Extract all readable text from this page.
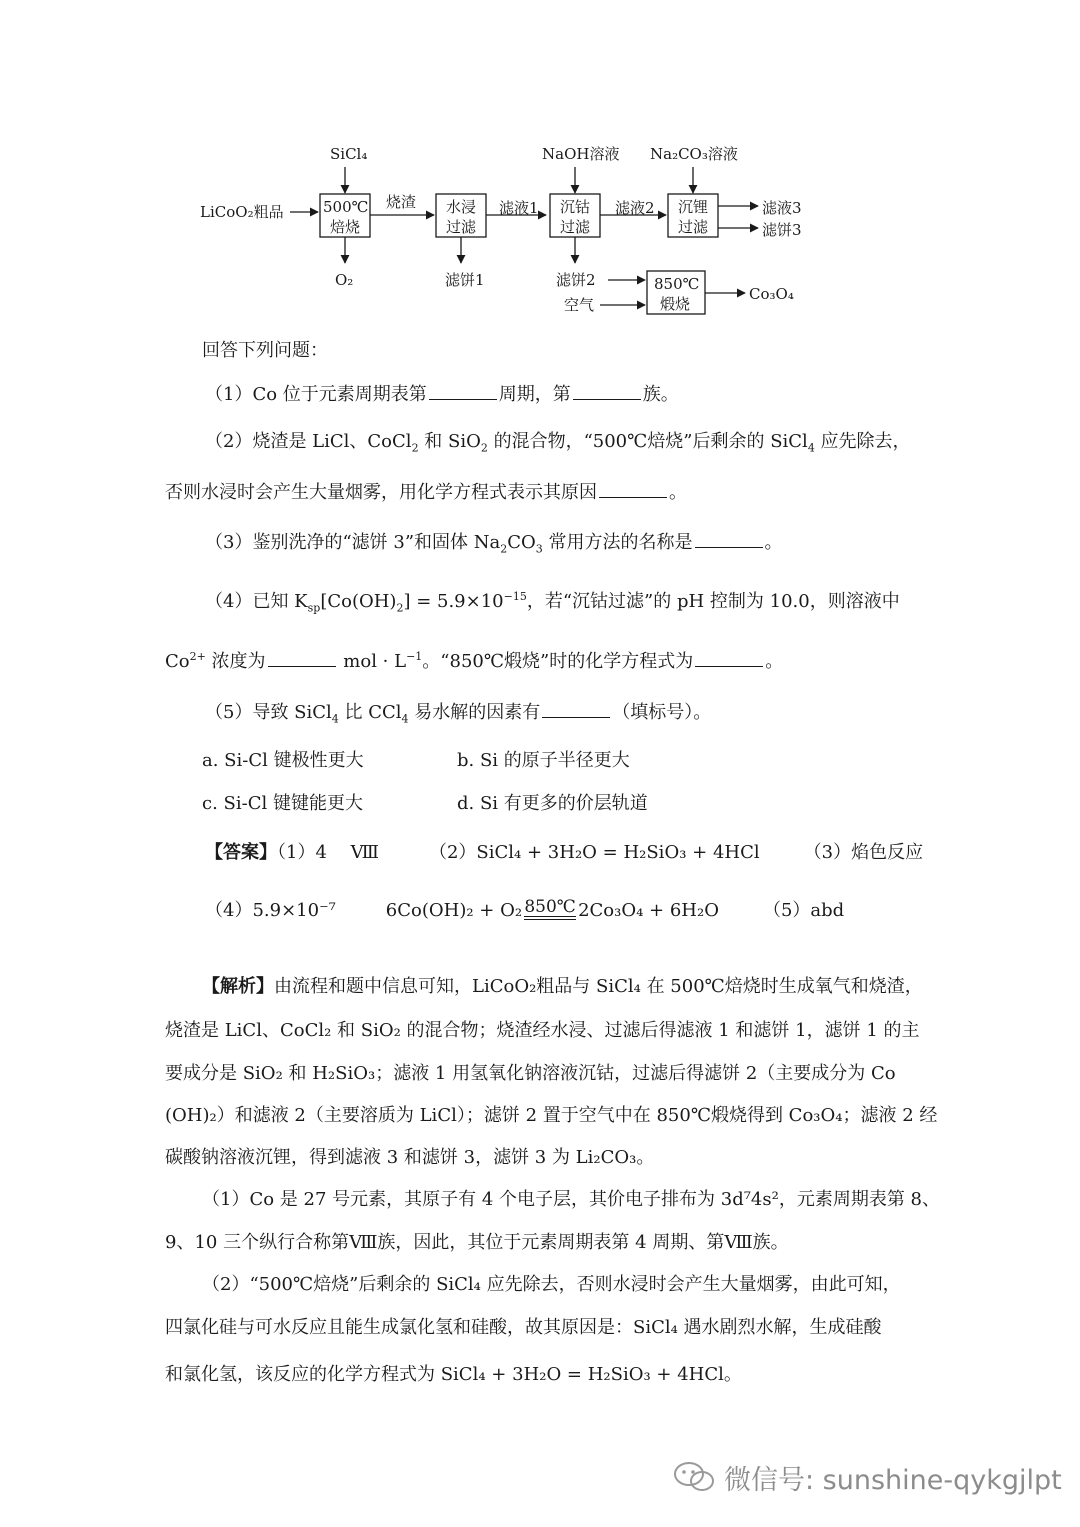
LiCoO₂粗品
SiCl₄
500℃
焙烧
O₂
烧渣 水浸
过滤
滤饼1
滤液1
NaOH溶液
沉钴
过滤
滤液2
Na₂CO₃溶液
沉锂
过滤
滤液3
滤饼3
滤饼2
空气
850℃
煅烧
Co₃O₄
回答下列问题：
（1）Co 位于元素周期表第	周期，第	族。
（2）烧渣是 LiCl、CoCl$_2$ 和 SiO$_2$ 的混合物，“500℃焙烧”后剩余的 SiCl$_4$ 应先除去，
否则水浸时会产生大量烟雾，用化学方程式表示其原因	。
（3）鉴别洗净的“滤饼 3”和固体 $Na_2CO_3$ 常用方法的名称是	。
（4）已知 $K_{sp}[Co(OH)_2] = 5.9\times 10^{-15}$，若“沉钴过滤”的 pH 控制为 10.0，则溶液中
$Co^{2+}$ 浓度为	mol · $L^{-1}$。“850℃煅烧”时的化学方程式为	。
（5）导致 SiCl$_4$ 比 CCl$_4$ 易水解的因素有	（填标号）。
a. Si-Cl 键极性更大	b. Si 的原子半径更大
c. Si-Cl 键键能更大	d. Si 有更多的价层轨道
【答案】（1）4　 Ⅷ	（2）SiCl₄ + 3H₂O = H₂SiO₃ + 4HCl （3）焰色反应
（4）5.9×10⁻⁷	6Co(OH)₂ + O₂ 850℃ 2Co₃O₄ + 6H₂O （5）abd
【解析】由流程和题中信息可知，LiCoO₂粗品与 SiCl₄ 在 500℃焙烧时生成氧气和烧渣，
烧渣是 LiCl、CoCl₂ 和 SiO₂ 的混合物；烧渣经水浸、过滤后得滤液 1 和滤饼 1，滤饼 1 的主
要成分是 SiO₂ 和 H₂SiO₃；滤液 1 用氢氧化钠溶液沉钴，过滤后得滤饼 2（主要成分为 Co
(OH)₂）和滤液 2（主要溶质为 LiCl）；滤饼 2 置于空气中在 850℃煅烧得到 Co₃O₄；滤液 2 经
碳酸钠溶液沉锂，得到滤液 3 和滤饼 3，滤饼 3 为 Li₂CO₃。
（1）Co 是 27 号元素，其原子有 4 个电子层，其价电子排布为 3d⁷4s²，元素周期表第 8、
9、10 三个纵行合称第Ⅷ族，因此，其位于元素周期表第 4 周期、第Ⅷ族。
（2）“500℃焙烧”后剩余的 SiCl₄ 应先除去，否则水浸时会产生大量烟雾，由此可知，
四氯化硅与可水反应且能生成氯化氢和硅酸，故其原因是：SiCl₄ 遇水剧烈水解，生成硅酸
和氯化氢，该反应的化学方程式为 SiCl₄ + 3H₂O = H₂SiO₃ + 4HCl。
微信号: sunshine-qykgjlpt
